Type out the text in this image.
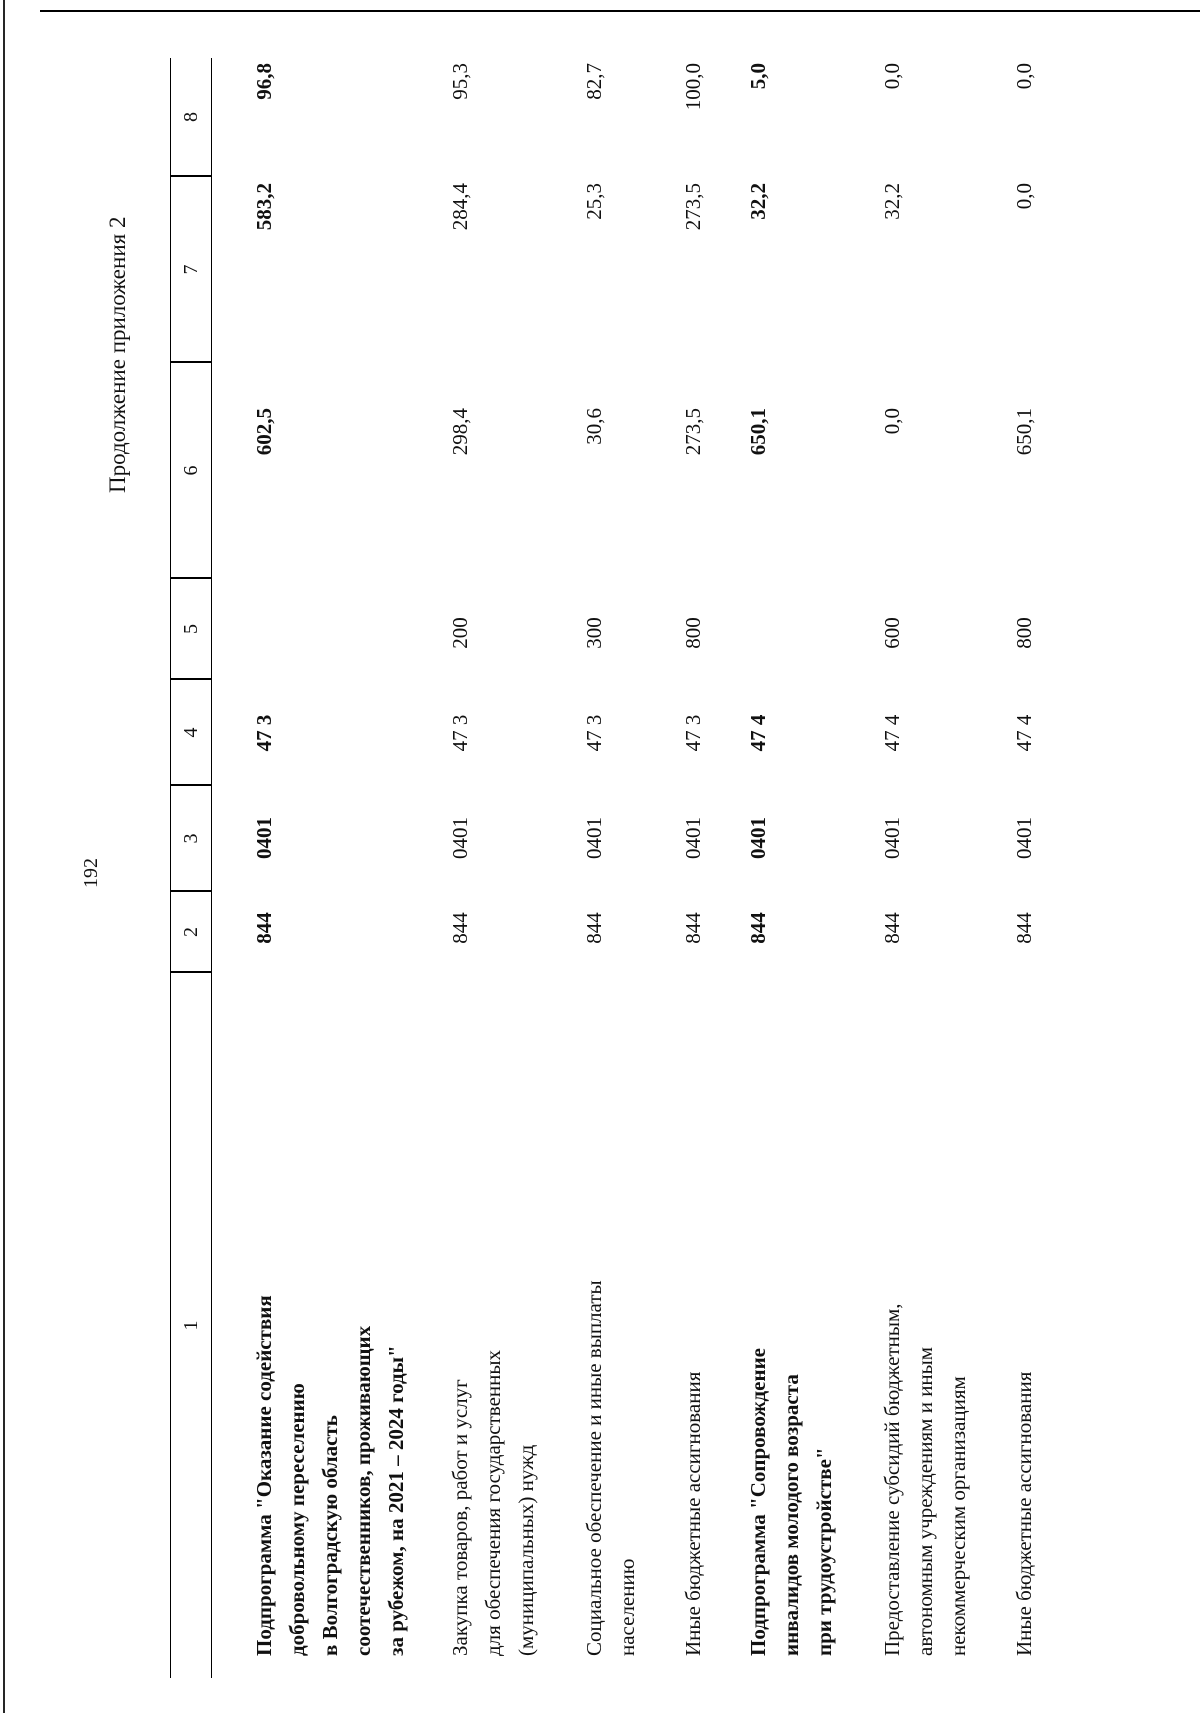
192
Продолжение приложения 2
1
2
3
4
5
6
7
8
Подпрограмма "Оказание содействия добровольному переселению в Волгоградскую область соотечественников, проживающих за рубежом, на 2021 – 2024 годы"
844
0401
47 3
602,5
583,2
96,8
Закупка товаров, работ и услуг для обеспечения государственных (муниципальных) нужд
844
0401
47 3
200
298,4
284,4
95,3
Социальное обеспечение и иные выплаты населению
844
0401
47 3
300
30,6
25,3
82,7
Иные бюджетные ассигнования
844
0401
47 3
800
273,5
273,5
100,0
Подпрограмма "Сопровождение инвалидов молодого возраста при трудоустройстве"
844
0401
47 4
650,1
32,2
5,0
Предоставление субсидий бюджетным, автономным учреждениям и иным некоммерческим организациям
844
0401
47 4
600
0,0
32,2
0,0
Иные бюджетные ассигнования
844
0401
47 4
800
650,1
0,0
0,0
